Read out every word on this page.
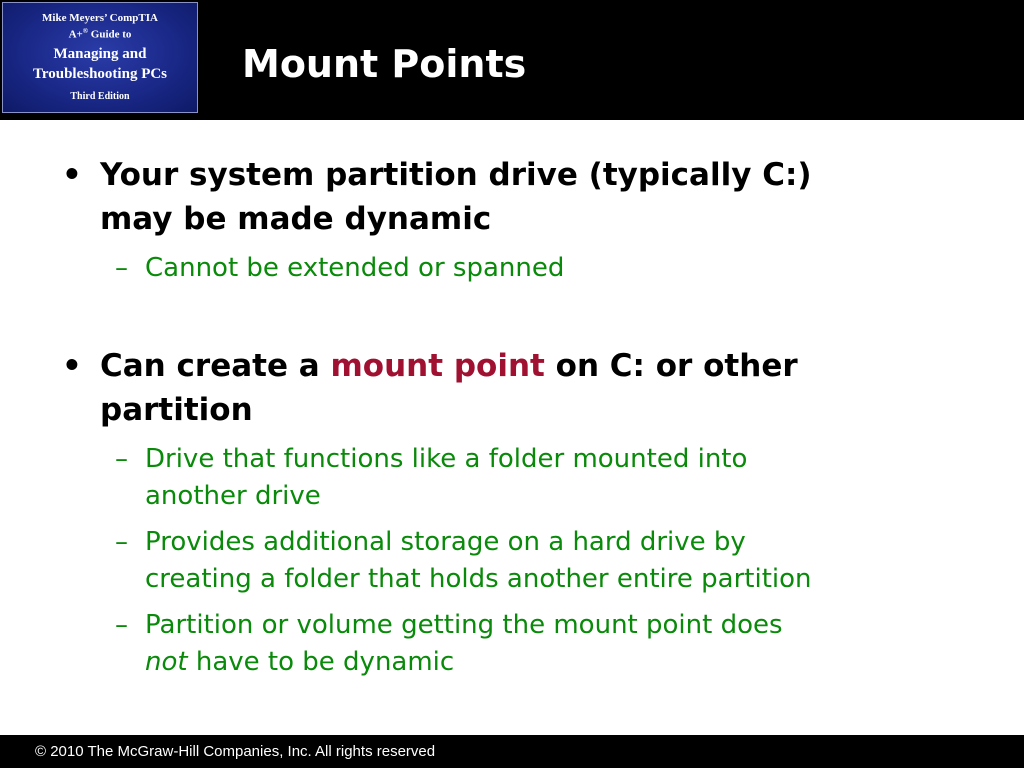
Mike Meyers’ CompTIA
A+® Guide to
Managing and
Troubleshooting PCs
Third Edition
Mount Points
• Your system partition drive (typically C:)
may be made dynamic
– Cannot be extended or spanned
• Can create a mount point on C: or other
partition
– Drive that functions like a folder mounted into
another drive
– Provides additional storage on a hard drive by
creating a folder that holds another entire partition
– Partition or volume getting the mount point does
not have to be dynamic
© 2010 The McGraw-Hill Companies, Inc. All rights reserved
